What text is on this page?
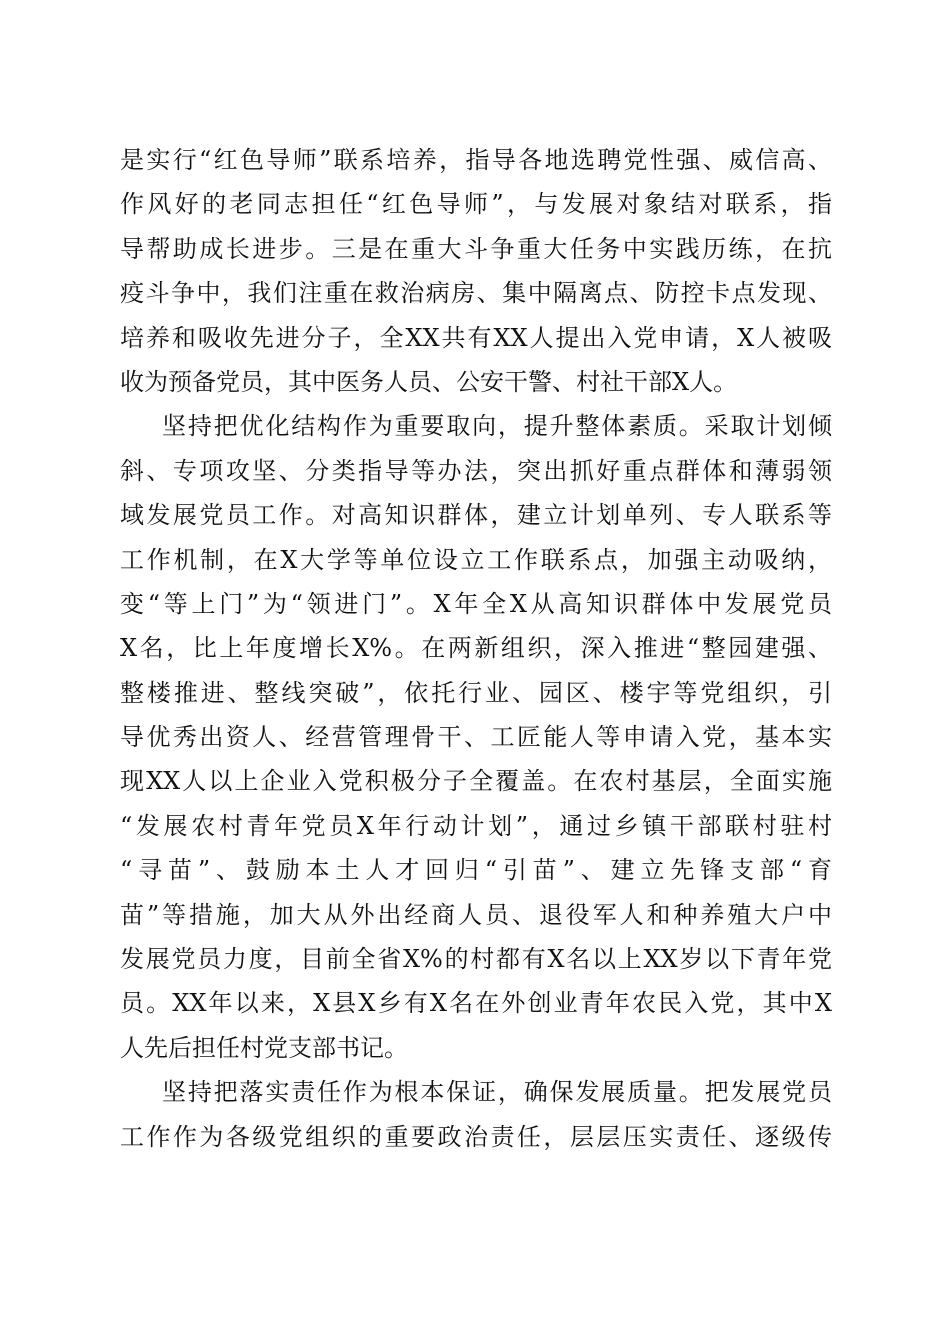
是实行“红色导师”联系培养，指导各地选聘党性强、威信高、
作风好的老同志担任“红色导师”，与发展对象结对联系，指
导帮助成长进步。三是在重大斗争重大任务中实践历练，在抗
疫斗争中，我们注重在救治病房、集中隔离点、防控卡点发现、
培养和吸收先进分子，全XX共有XX人提出入党申请，X人被吸
收为预备党员，其中医务人员、公安干警、村社干部X人。
坚持把优化结构作为重要取向，提升整体素质。采取计划倾
斜、专项攻坚、分类指导等办法，突出抓好重点群体和薄弱领
域发展党员工作。对高知识群体，建立计划单列、专人联系等
工作机制，在X大学等单位设立工作联系点，加强主动吸纳，
变“等上门”为“领进门”。X年全X从高知识群体中发展党员
X名，比上年度增长X%。在两新组织，深入推进“整园建强、
整楼推进、整线突破”，依托行业、园区、楼宇等党组织，引
导优秀出资人、经营管理骨干、工匠能人等申请入党，基本实
现XX人以上企业入党积极分子全覆盖。在农村基层，全面实施
“发展农村青年党员X年行动计划”，通过乡镇干部联村驻村
“寻苗”、鼓励本土人才回归“引苗”、建立先锋支部“育
苗”等措施，加大从外出经商人员、退役军人和种养殖大户中
发展党员力度，目前全省X%的村都有X名以上XX岁以下青年党
员。XX年以来，X县X乡有X名在外创业青年农民入党，其中X
人先后担任村党支部书记。
坚持把落实责任作为根本保证，确保发展质量。把发展党员
工作作为各级党组织的重要政治责任，层层压实责任、逐级传
